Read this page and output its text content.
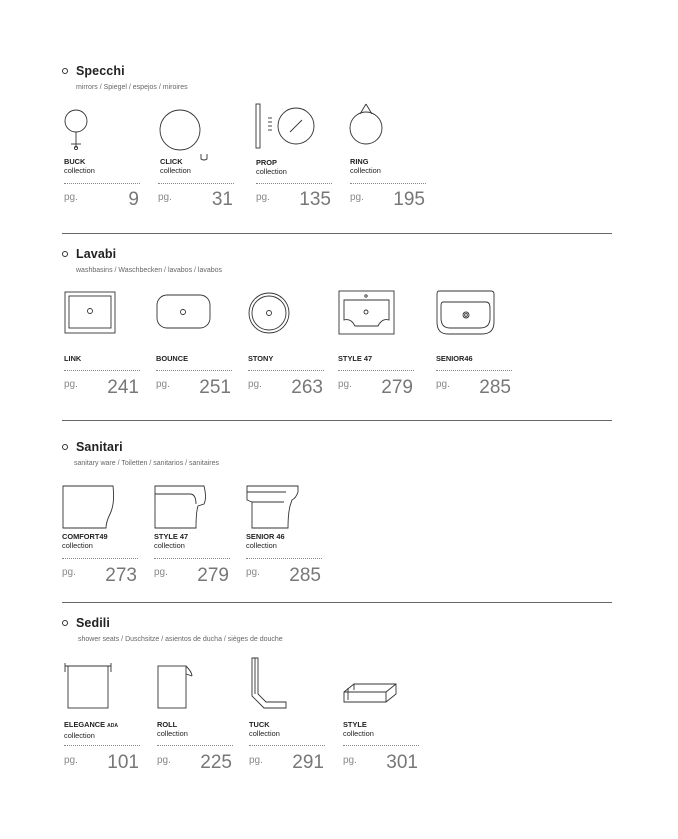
Specchi
mirrors / Spiegel / espejos / miroires
BUCK
collection
pg.	9
CLICK
collection
pg.	31
PROP
collection
pg.	135
RING
collection
pg.	195
Lavabi
washbasins / Waschbecken / lavabos / lavabos
LINK
pg.	241
BOUNCE
pg.	251
STONY
pg.	263
STYLE 47
pg.	279
SENIOR46
pg.	285
Sanitari
sanitary ware / Toiletten / sanitarios / sanitaires
COMFORT49
collection
pg.	273
STYLE 47
collection
pg.	279
SENIOR 46
collection
pg.	285
Sedili
shower seats / Duschsitze / asientos de ducha / sièges de douche
ELEGANCE ADA
collection
pg.	101
ROLL
collection
pg.	225
TUCK
collection
pg.	291
STYLE
collection
pg.	301
